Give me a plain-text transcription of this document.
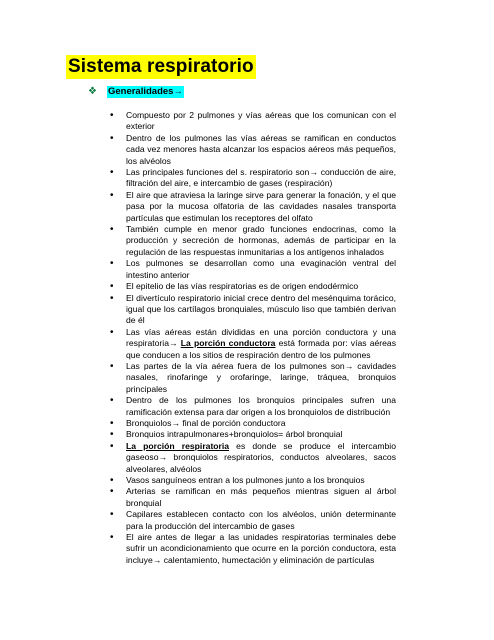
Sistema respiratorio
❖ Generalidades→
• Compuesto por 2 pulmones y vías aéreas que los comunican con el exterior
• Dentro de los pulmones las vías aéreas se ramifican en conductos cada vez menores hasta alcanzar los espacios aéreos más pequeños, los alvéolos
• Las principales funciones del s. respiratorio son→ conducción de aire, filtración del aire, e intercambio de gases (respiración)
• El aire que atraviesa la laringe sirve para generar la fonación, y el que pasa por la mucosa olfatoria de las cavidades nasales transporta partículas que estimulan los receptores del olfato
• También cumple en menor grado funciones endocrinas, como la producción y secreción de hormonas, además de participar en la regulación de las respuestas inmunitarias a los antígenos inhalados
• Los pulmones se desarrollan como una evaginación ventral del intestino anterior
• El epitelio de las vías respiratorias es de origen endodérmico
• El divertículo respiratorio inicial crece dentro del mesénquima torácico, igual que los cartílagos bronquiales, músculo liso que también derivan de él
• Las vías aéreas están divididas en una porción conductora y una respiratoria→ La porción conductora está formada por: vías aéreas que conducen a los sitios de respiración dentro de los pulmones
• Las partes de la vía aérea fuera de los pulmones son→ cavidades nasales, rinofaringe y orofaringe, laringe, tráquea, bronquios principales
• Dentro de los pulmones los bronquios principales sufren una ramificación extensa para dar origen a los bronquiolos de distribución
• Bronquiolos→ final de porción conductora
• Bronquios intrapulmonares+bronquiolos= árbol bronquial
• La porción respiratoria es donde se produce el intercambio gaseoso→ bronquiolos respiratorios, conductos alveolares, sacos alveolares, alvéolos
• Vasos sanguíneos entran a los pulmones junto a los bronquios
• Arterias se ramifican en más pequeños mientras siguen al árbol bronquial
• Capilares establecen contacto con los alvéolos, unión determinante para la producción del intercambio de gases
• El aire antes de llegar a las unidades respiratorias terminales debe sufrir un acondicionamiento que ocurre en la porción conductora, esta incluye→ calentamiento, humectación y eliminación de partículas
